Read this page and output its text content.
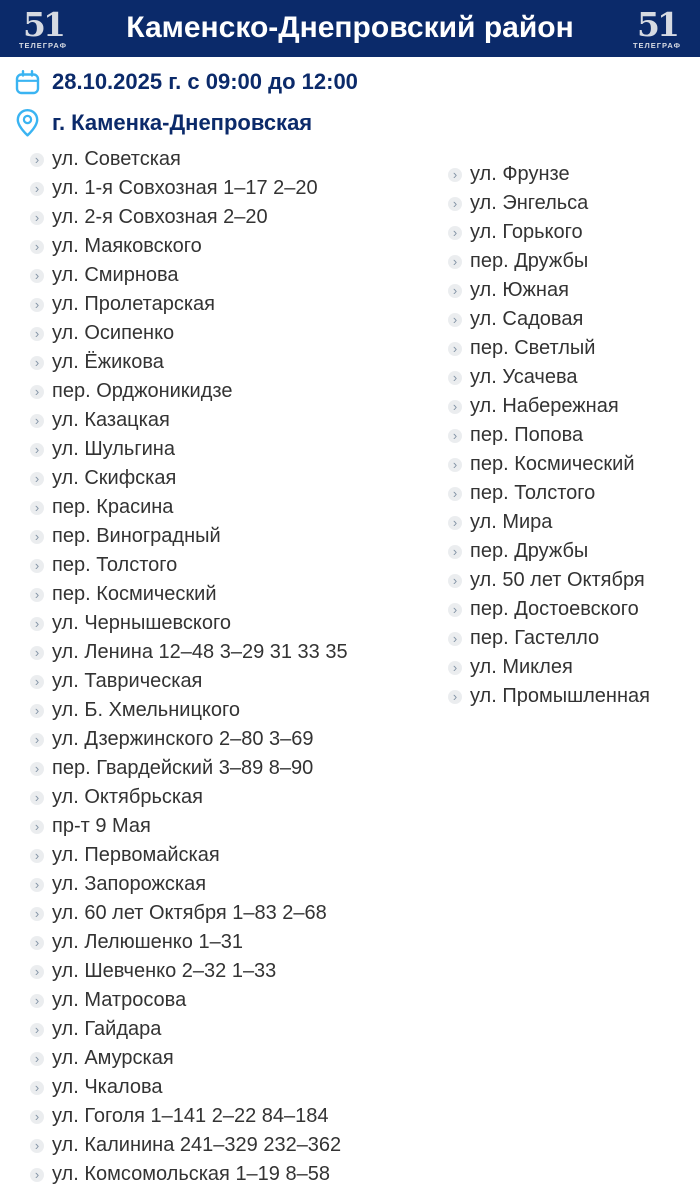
51
ТЕЛЕГРАФ
Каменско-Днепровский район	51
ТЕЛЕГРАФ
28.10.2025 г. с 09:00 до 12:00
г. Каменка-Днепровская
› ул. Советская
› ул. 1-я Совхозная 1–17 2–20
› ул. 2-я Совхозная 2–20
› ул. Маяковского
› ул. Смирнова
› ул. Пролетарская
› ул. Осипенко
› ул. Ёжикова
› пер. Орджоникидзе
› ул. Казацкая
› ул. Шульгина
› ул. Скифская
› пер. Красина
› пер. Виноградный
› пер. Толстого
› пер. Космический
› ул. Чернышевского
› ул. Ленина 12–48 3–29 31 33 35
› ул. Таврическая
› ул. Б. Хмельницкого
› ул. Дзержинского 2–80 3–69
› пер. Гвардейский 3–89 8–90
› ул. Октябрьская
› пр-т 9 Мая
› ул. Первомайская
› ул. Запорожская
› ул. 60 лет Октября 1–83 2–68
› ул. Лелюшенко 1–31
› ул. Шевченко 2–32 1–33
› ул. Матросова
› ул. Гайдара
› ул. Амурская
› ул. Чкалова
› ул. Гоголя 1–141 2–22 84–184
› ул. Калинина 241–329 232–362
› ул. Комсомольская 1–19 8–58
› ул. Фрунзе
› ул. Энгельса
› ул. Горького
› пер. Дружбы
› ул. Южная
› ул. Садовая
› пер. Светлый
› ул. Усачева
› ул. Набережная
› пер. Попова
› пер. Космический
› пер. Толстого
› ул. Мира
› пер. Дружбы
› ул. 50 лет Октября
› пер. Достоевского
› пер. Гастелло
› ул. Миклея
› ул. Промышленная
